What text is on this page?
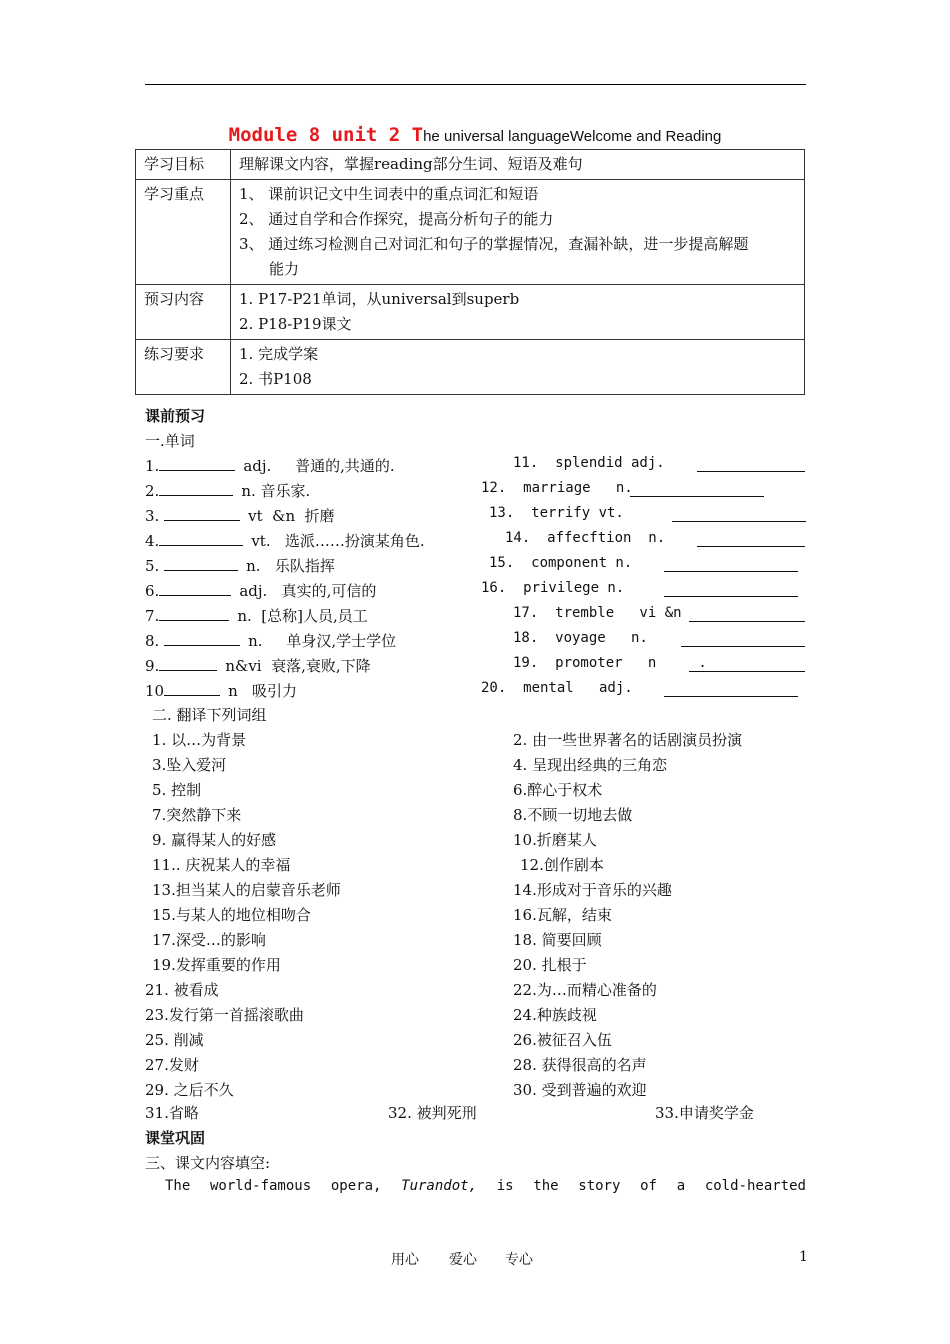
Module 8 unit 2 The universal languageWelcome and Reading
学习目标	理解课文内容，掌握reading部分生词、短语及难句

学习重点	1、 课前识记文中生词表中的重点词汇和短语
2、 通过自学和合作探究，提高分析句子的能力
3、 通过练习检测自己对词汇和句子的掌握情况，查漏补缺，进一步提高解题
能力

预习内容	1. P17-P21单词，从universal到superb
2. P18-P19课文

练习要求	1. 完成学案
2. 书P108
课前预习
一.单词
1.	adj.     普通的,共通的.
2.	n. 音乐家.
3.	vt  &n  折磨
4.	vt.   选派……扮演某角色.
5.	n.   乐队指挥
6.	adj.   真实的,可信的
7.	n.  [总称]人员,员工
8.	n.     单身汉,学士学位
9.	n&vi  衰落,衰败,下降
10	n   吸引力
11.  splendid adj.
12.  marriage   n.
13.  terrify vt.
14.  affecftion  n.
15.  component n.
16.  privilege n.
17.  tremble   vi &n
18.  voyage   n.
19.  promoter   n     .
20.  mental   adj.
二. 翻译下列词组
1. 以…为背景	2. 由一些世界著名的话剧演员扮演
3.坠入爱河	4. 呈现出经典的三角恋
5. 控制	6.醉心于权术
7.突然静下来	8.不顾一切地去做
9. 赢得某人的好感	10.折磨某人
11.. 庆祝某人的幸福	12.创作剧本
13.担当某人的启蒙音乐老师	14.形成对于音乐的兴趣
15.与某人的地位相吻合	16.瓦解，结束
17.深受…的影响	18. 简要回顾
19.发挥重要的作用	20. 扎根于
21. 被看成	22.为…而精心准备的
23.发行第一首摇滚歌曲	24.种族歧视
25. 削减	26.被征召入伍
27.发财	28. 获得很高的名声
29. 之后不久	30. 受到普遍的欢迎
31.省略	32. 被判死刑	33.申请奖学金
课堂巩固
三、课文内容填空:
The world-famous opera, Turandot, is the story of a cold-hearted
用心 爱心 专心	1
